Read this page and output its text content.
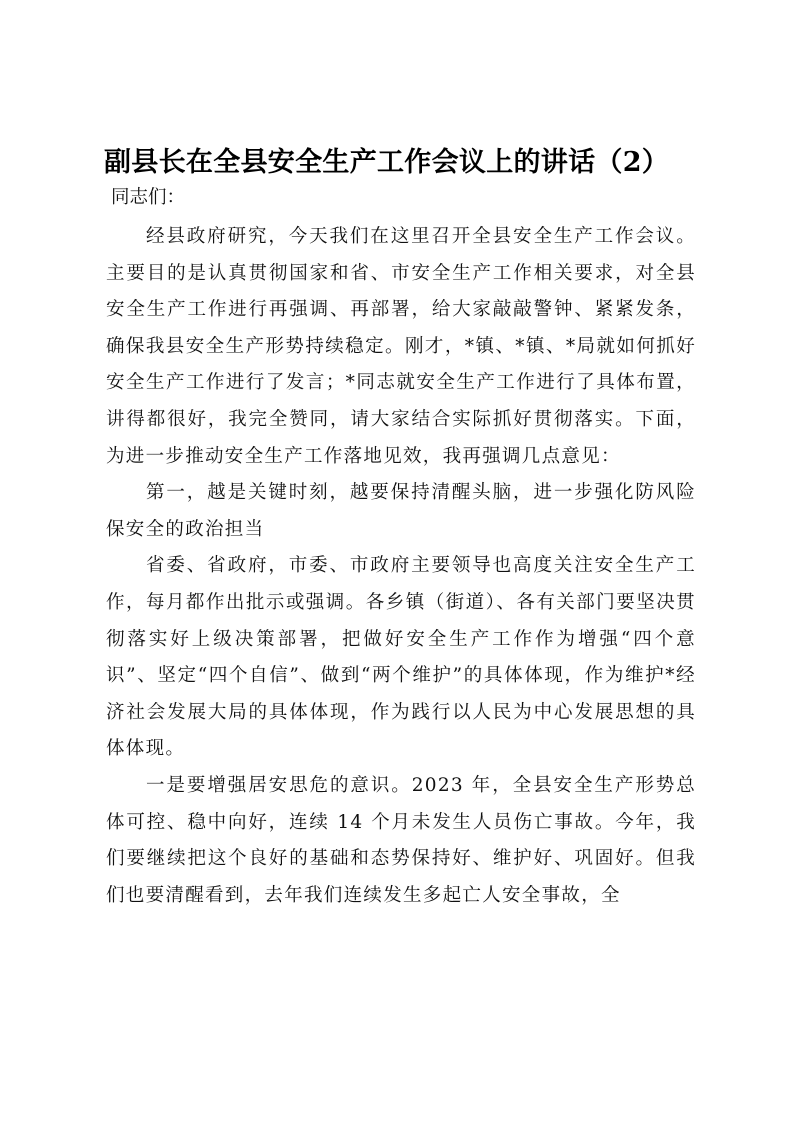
副县长在全县安全生产工作会议上的讲话（2）

同志们：

经县政府研究，今天我们在这里召开全县安全生产工作会议。主要目的是认真贯彻国家和省、市安全生产工作相关要求，对全县安全生产工作进行再强调、再部署，给大家敲敲警钟、紧紧发条，确保我县安全生产形势持续稳定。刚才，*镇、*镇、*局就如何抓好安全生产工作进行了发言；*同志就安全生产工作进行了具体布置，讲得都很好，我完全赞同，请大家结合实际抓好贯彻落实。下面，为进一步推动安全生产工作落地见效，我再强调几点意见：

第一，越是关键时刻，越要保持清醒头脑，进一步强化防风险保安全的政治担当

省委、省政府，市委、市政府主要领导也高度关注安全生产工作，每月都作出批示或强调。各乡镇（街道）、各有关部门要坚决贯彻落实好上级决策部署，把做好安全生产工作作为增强“四个意识”、坚定“四个自信”、做到“两个维护”的具体体现，作为维护*经济社会发展大局的具体体现，作为践行以人民为中心发展思想的具体体现。

一是要增强居安思危的意识。2023 年，全县安全生产形势总体可控、稳中向好，连续 14 个月未发生人员伤亡事故。今年，我们要继续把这个良好的基础和态势保持好、维护好、巩固好。但我们也要清醒看到，去年我们连续发生多起亡人安全事故，全
